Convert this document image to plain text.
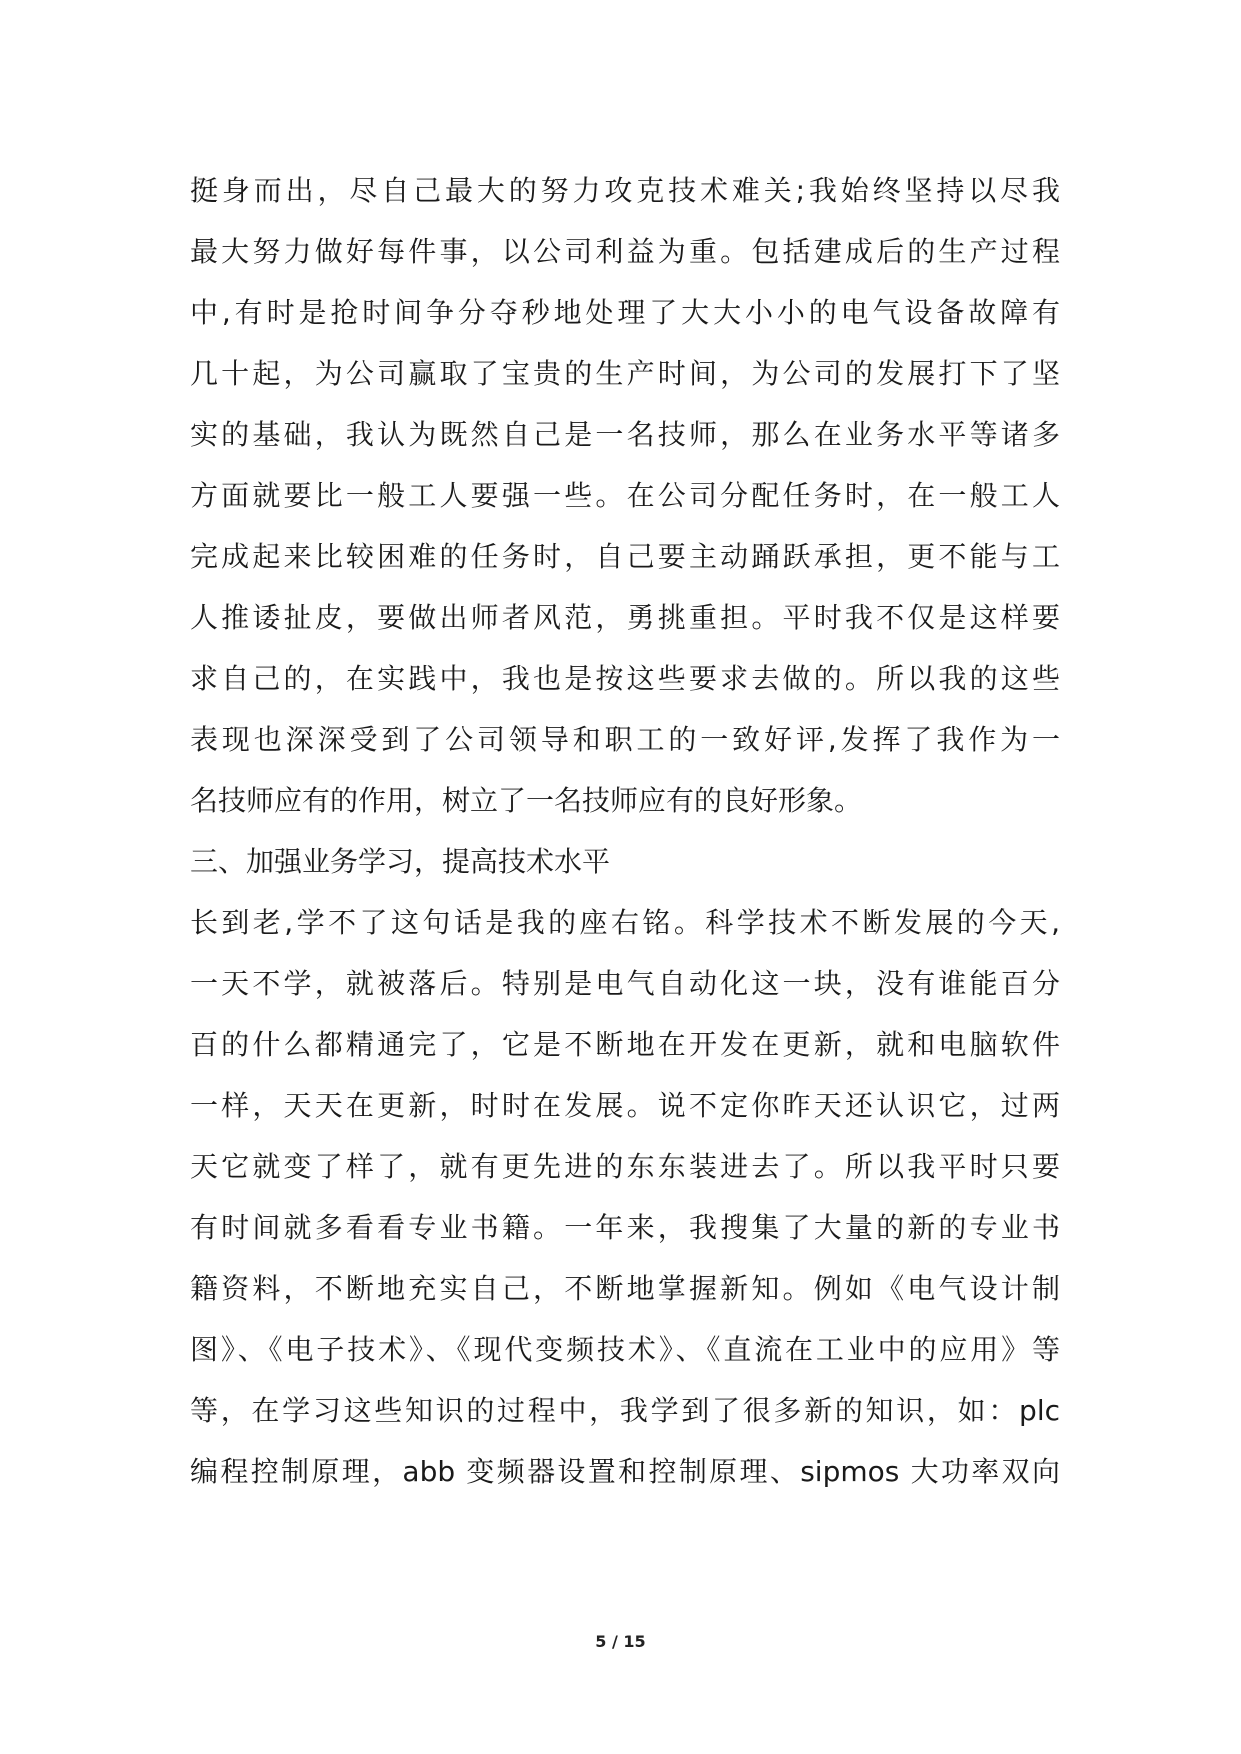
挺身而出，尽自己最大的努力攻克技术难关;我始终坚持以尽我
最大努力做好每件事，以公司利益为重。包括建成后的生产过程
中,有时是抢时间争分夺秒地处理了大大小小的电气设备故障有
几十起，为公司赢取了宝贵的生产时间，为公司的发展打下了坚
实的基础，我认为既然自己是一名技师，那么在业务水平等诸多
方面就要比一般工人要强一些。在公司分配任务时，在一般工人
完成起来比较困难的任务时，自己要主动踊跃承担，更不能与工
人推诿扯皮，要做出师者风范，勇挑重担。平时我不仅是这样要
求自己的，在实践中，我也是按这些要求去做的。所以我的这些
表现也深深受到了公司领导和职工的一致好评,发挥了我作为一
名技师应有的作用，树立了一名技师应有的良好形象。
三、加强业务学习，提高技术水平
长到老,学不了这句话是我的座右铭。科学技术不断发展的今天,
一天不学，就被落后。特别是电气自动化这一块，没有谁能百分
百的什么都精通完了，它是不断地在开发在更新，就和电脑软件
一样，天天在更新，时时在发展。说不定你昨天还认识它，过两
天它就变了样了，就有更先进的东东装进去了。所以我平时只要
有时间就多看看专业书籍。一年来，我搜集了大量的新的专业书
籍资料，不断地充实自己，不断地掌握新知。例如《电气设计制
图》、《电子技术》、《现代变频技术》、《直流在工业中的应用》等
等，在学习这些知识的过程中，我学到了很多新的知识，如：plc
编程控制原理，abb 变频器设置和控制原理、sipmos 大功率双向
5 / 15
